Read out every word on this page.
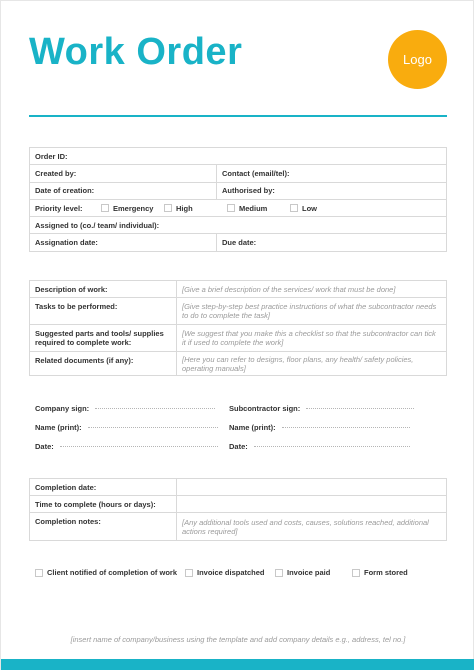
Work Order	Logo
Order ID:	
Created by:	Contact (email/tel):
Date of creation:	Authorised by:

Priority level: Emergency High Medium Low	

Assigned to (co./ team/ individual):	
Assignation date:	Due date:
Description of work:	[Give a brief description of the services/ work that must be done]
Tasks to be performed:	[Give step-by-step best practice instructions of what the subcontractor needs to do to complete the task]
Suggested parts and tools/ supplies required to complete work:	[We suggest that you make this a checklist so that the subcontractor can tick it if used to complete the work]
Related documents (if any):	[Here you can refer to designs, floor plans, any health/ safety policies, operating manuals]
Company sign:	Subcontractor sign:
Name (print):	Name (print):
Date:	Date:
Completion date:	
Time to complete (hours or days):	
Completion notes:	[Any additional tools used and costs, causes, solutions reached, additional actions required]
Client notified of completion of work	Invoice dispatched	Invoice paid	Form stored
[insert name of company/business using the template and add company details e.g., address, tel no.]
